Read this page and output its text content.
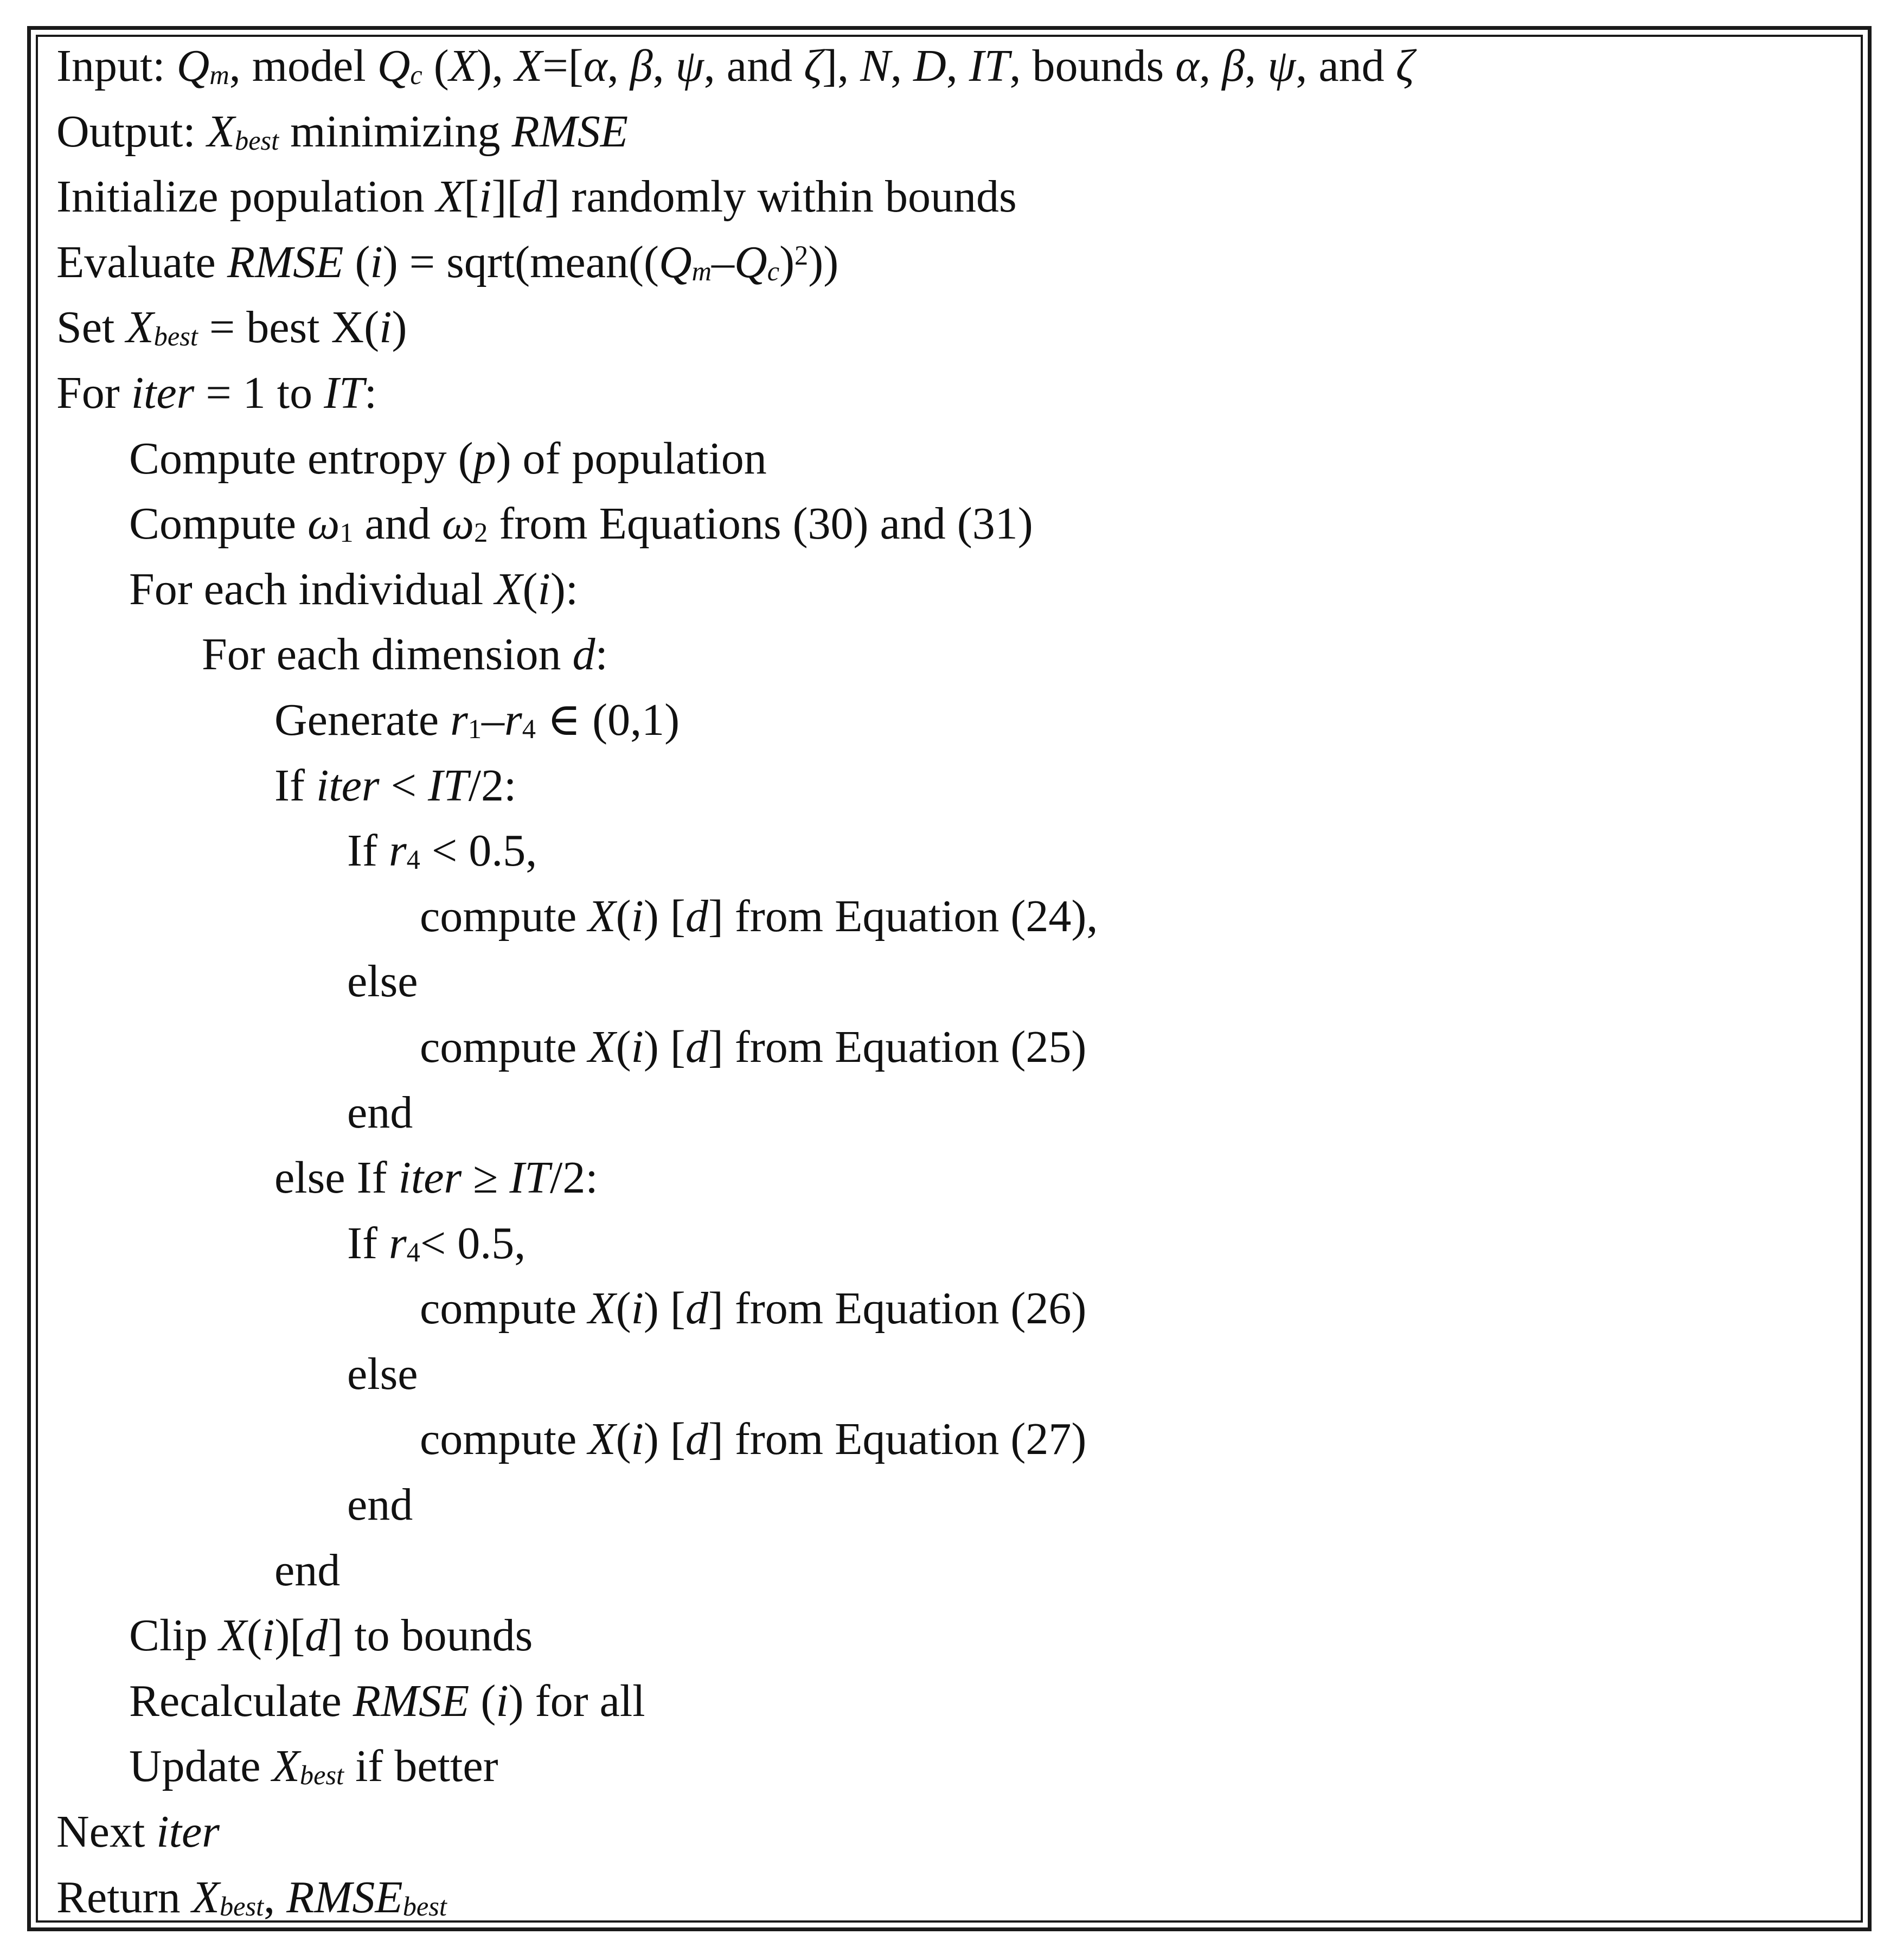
Input: Qm, model Qc (X), X=[α, β, ψ, and ζ], N, D, IT, bounds α, β, ψ, and ζ
Output: Xbest minimizing RMSE
Initialize population X[i][d] randomly within bounds
Evaluate RMSE $(i) = sqrt(mean((Qm-Qc)^2))$
Set Xbest = best X(i)
For iter = 1 to IT:
Compute entropy (p) of population
Compute ω1 and ω2 from Equations (30) and (31)
For each individual X(i):
For each dimension d:
Generate r1–r4 ∈ (0,1)
If iter < IT/2:
If r4 < 0.5,
compute X(i) [d] from Equation (24),
else
compute X(i) [d] from Equation (25)
end
else If iter ≥ IT/2:
If r4< 0.5,
compute X(i) [d] from Equation (26)
else
compute X(i) [d] from Equation (27)
end
end
Clip X(i)[d] to bounds
Recalculate RMSE (i) for all
Update Xbest if better
Next iter
Return Xbest, RMSEbest
